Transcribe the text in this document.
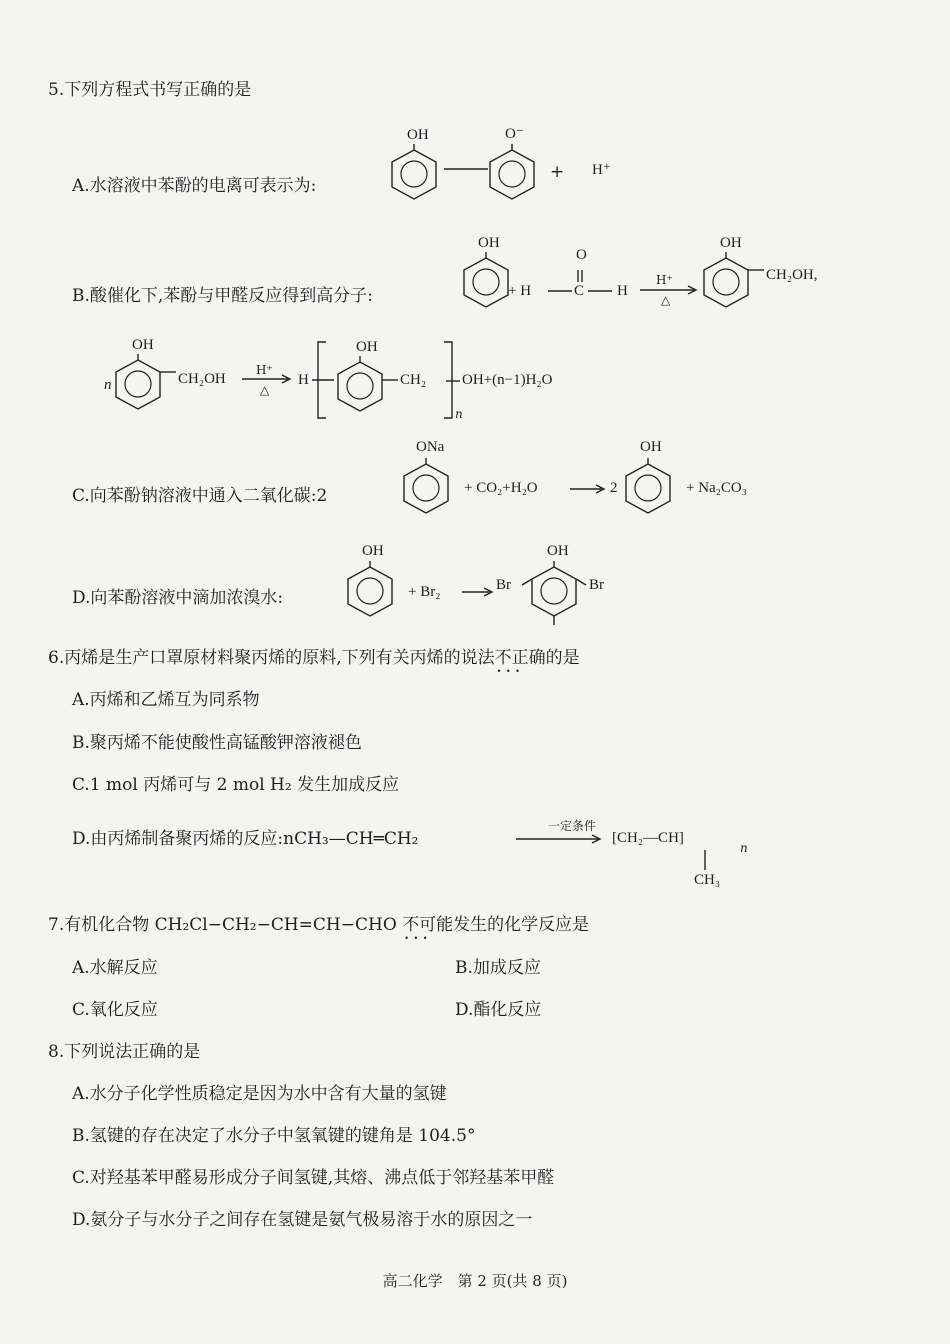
5.下列方程式书写正确的是
A.水溶液中苯酚的电离可表示为:
OH	O⁻
+ H⁺
B.酸催化下,苯酚与甲醛反应得到高分子:
OH
+ H
O
C H
H⁺
△
OH
CH₂OH,
n
OH
CH₂OH
H⁺
△
H
OH
CH₂
n
OH+(n−1)H₂O
C.向苯酚钠溶液中通入二氧化碳:2
ONa
+ CO₂+H₂O → 2
OH
+ Na₂CO₃
D.向苯酚溶液中滴加浓溴水:
OH
+ Br₂ →
Br
OH
Br
6.丙烯是生产口罩原材料聚丙烯的原料,下列有关丙烯的说法不正确 • • •的是
A.丙烯和乙烯互为同系物
B.聚丙烯不能使酸性高锰酸钾溶液褪色
C.1 mol 丙烯可与 2 mol H₂ 发生加成反应
D.由丙烯制备聚丙烯的反应:nCH₃—CH═CH₂
一定条件
[CH₂—CH]
n
CH₃
7.有机化合物 CH₂Cl−CH₂−CH=CH−CHO 不可能 • • •发生的化学反应是
A.水解反应	B.加成反应
C.氧化反应	D.酯化反应
8.下列说法正确的是
A.水分子化学性质稳定是因为水中含有大量的氢键
B.氢键的存在决定了水分子中氢氧键的键角是 104.5°
C.对羟基苯甲醛易形成分子间氢键,其熔、沸点低于邻羟基苯甲醛
D.氨分子与水分子之间存在氢键是氨气极易溶于水的原因之一
高二化学　第 2 页(共 8 页)
